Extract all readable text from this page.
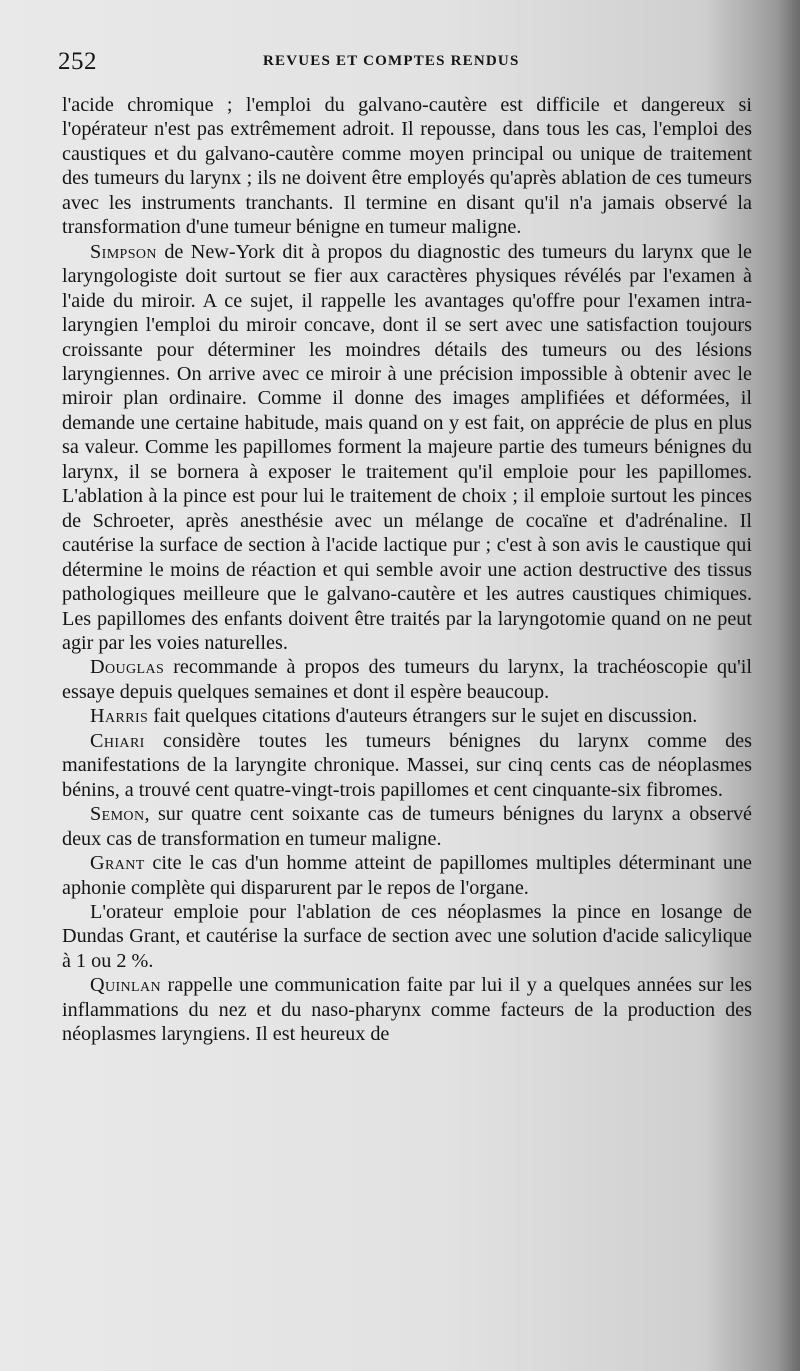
252	REVUES ET COMPTES RENDUS

l'acide chromique ; l'emploi du galvano-cautère est difficile et dangereux si l'opérateur n'est pas extrêmement adroit. Il repousse, dans tous les cas, l'emploi des caustiques et du galvano-cautère comme moyen principal ou unique de traitement des tumeurs du larynx ; ils ne doivent être employés qu'après ablation de ces tumeurs avec les instruments tranchants. Il termine en disant qu'il n'a jamais observé la transformation d'une tumeur bénigne en tumeur maligne.

Simpson de New-York dit à propos du diagnostic des tumeurs du larynx que le laryngologiste doit surtout se fier aux caractères physiques révélés par l'examen à l'aide du miroir. A ce sujet, il rappelle les avantages qu'offre pour l'examen intra-laryngien l'emploi du miroir concave, dont il se sert avec une satisfaction toujours croissante pour déterminer les moindres détails des tumeurs ou des lésions laryngiennes. On arrive avec ce miroir à une précision impossible à obtenir avec le miroir plan ordinaire. Comme il donne des images amplifiées et déformées, il demande une certaine habitude, mais quand on y est fait, on apprécie de plus en plus sa valeur. Comme les papillomes forment la majeure partie des tumeurs bénignes du larynx, il se bornera à exposer le traitement qu'il emploie pour les papillomes. L'ablation à la pince est pour lui le traitement de choix ; il emploie surtout les pinces de Schroeter, après anesthésie avec un mélange de cocaïne et d'adrénaline. Il cautérise la surface de section à l'acide lactique pur ; c'est à son avis le caustique qui détermine le moins de réaction et qui semble avoir une action destructive des tissus pathologiques meilleure que le galvano-cautère et les autres caustiques chimiques. Les papillomes des enfants doivent être traités par la laryngotomie quand on ne peut agir par les voies naturelles.

Douglas recommande à propos des tumeurs du larynx, la trachéoscopie qu'il essaye depuis quelques semaines et dont il espère beaucoup.

Harris fait quelques citations d'auteurs étrangers sur le sujet en discussion.

Chiari considère toutes les tumeurs bénignes du larynx comme des manifestations de la laryngite chronique. Massei, sur cinq cents cas de néoplasmes bénins, a trouvé cent quatre-vingt-trois papillomes et cent cinquante-six fibromes.

Semon, sur quatre cent soixante cas de tumeurs bénignes du larynx a observé deux cas de transformation en tumeur maligne.

Grant cite le cas d'un homme atteint de papillomes multiples déterminant une aphonie complète qui disparurent par le repos de l'organe.

L'orateur emploie pour l'ablation de ces néoplasmes la pince en losange de Dundas Grant, et cautérise la surface de section avec une solution d'acide salicylique à 1 ou 2 %.

Quinlan rappelle une communication faite par lui il y a quelques années sur les inflammations du nez et du naso-pharynx comme facteurs de la production des néoplasmes laryngiens. Il est heureux de
